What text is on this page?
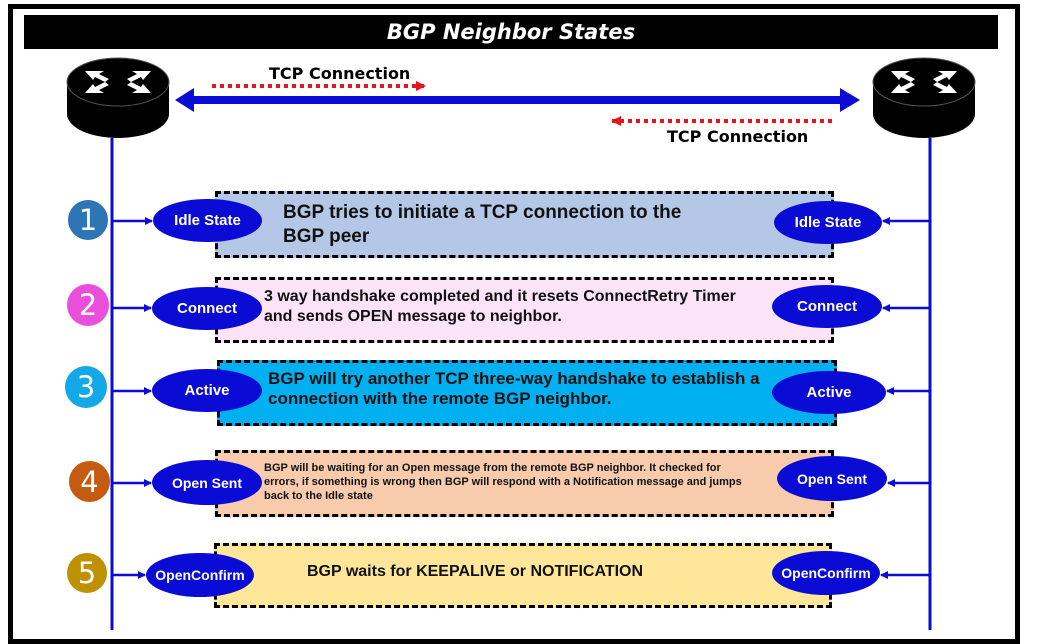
BGP Neighbor States
TCP Connection
TCP Connection
1	Idle State	Idle State
BGP tries to initiate a TCP connection to the
BGP peer
2	Connect	Connect
3 way handshake completed and it resets ConnectRetry Timer
and sends OPEN message to neighbor.
3	Active	Active
BGP will try another TCP three-way handshake to establish a
connection with the remote BGP neighbor.
4	Open Sent	Open Sent
BGP will be waiting for an Open message from the remote BGP neighbor. It checked for
errors, if something is wrong then BGP will respond with a Notification message and jumps
back to the Idle state
5	OpenConfirm	OpenConfirm
BGP waits for KEEPALIVE or NOTIFICATION
